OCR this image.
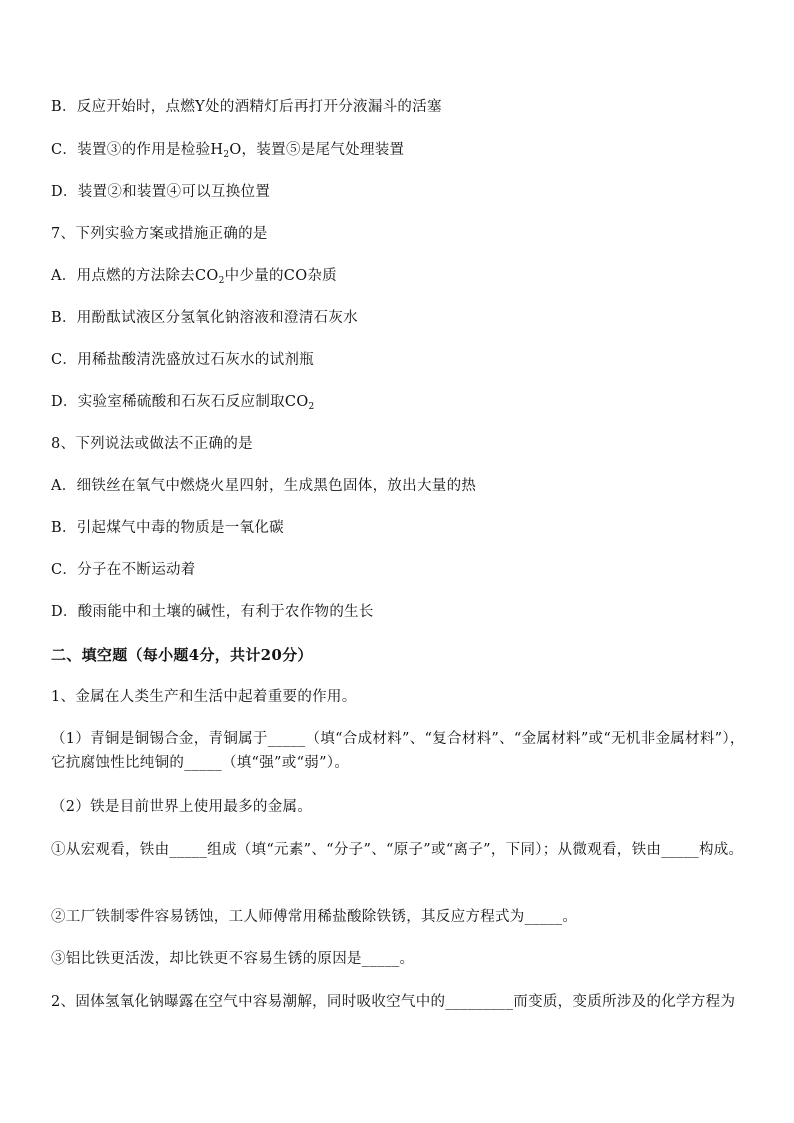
B．反应开始时，点燃Y处的酒精灯后再打开分液漏斗的活塞
C．装置③的作用是检验$H_2O$，装置⑤是尾气处理装置
D．装置②和装置④可以互换位置
7、下列实验方案或措施正确的是
A．用点燃的方法除去$CO_2$中少量的CO杂质
B．用酚酞试液区分氢氧化钠溶液和澄清石灰水
C．用稀盐酸清洗盛放过石灰水的试剂瓶
D．实验室稀硫酸和石灰石反应制取$CO_2$
8、下列说法或做法不正确的是
A．细铁丝在氧气中燃烧火星四射，生成黑色固体，放出大量的热
B．引起煤气中毒的物质是一氧化碳
C．分子在不断运动着
D．酸雨能中和土壤的碱性，有利于农作物的生长
二、填空题（每小题4分，共计20分）
1、金属在人类生产和生活中起着重要的作用。
（1）青铜是铜锡合金，青铜属于_____（填“合成材料”、“复合材料”、“金属材料”或“无机非金属材料”），它抗腐蚀性比纯铜的_____（填“强”或“弱”）。
（2）铁是目前世界上使用最多的金属。
①从宏观看，铁由_____组成（填“元素”、“分子”、“原子”或“离子”，下同）；从微观看，铁由_____构成。
②工厂铁制零件容易锈蚀，工人师傅常用稀盐酸除铁锈，其反应方程式为_____。
③铝比铁更活泼，却比铁更不容易生锈的原因是_____。
2、固体氢氧化钠曝露在空气中容易潮解，同时吸收空气中的_________而变质，变质所涉及的化学方程为
